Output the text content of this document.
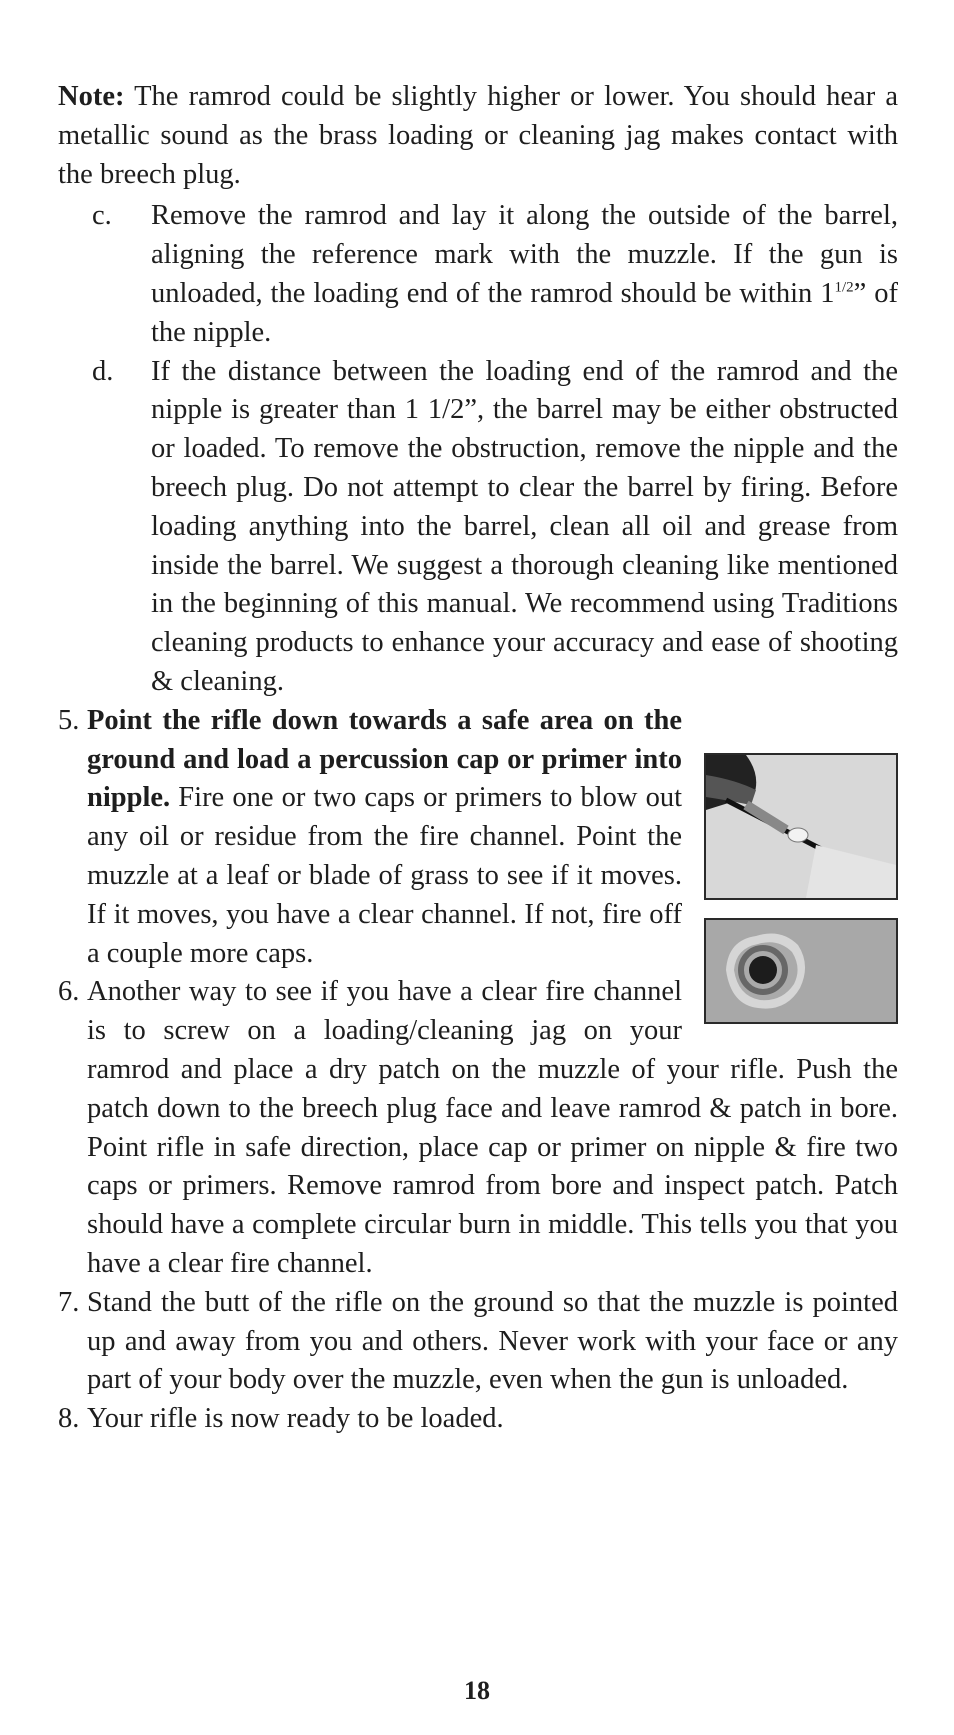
Note: The ramrod could be slightly higher or lower. You should hear a metallic sound as the brass loading or cleaning jag makes contact with the breech plug.

c. Remove the ramrod and lay it along the outside of the barrel, aligning the reference mark with the muzzle. If the gun is unloaded, the loading end of the ramrod should be within $1^{1/2}$” of the nipple.
d. If the distance between the loading end of the ramrod and the nipple is greater than 1 1/2”, the barrel may be either obstructed or loaded. To remove the obstruction, remove the nipple and the breech plug. Do not attempt to clear the barrel by firing. Before loading anything into the barrel, clean all oil and grease from inside the barrel. We suggest a thorough cleaning like mentioned in the beginning of this manual. We recommend using Traditions cleaning products to enhance your accuracy and ease of shooting & cleaning.
5. Point the rifle down towards a safe area on the ground and load a percussion cap or primer into nipple. Fire one or two caps or primers to blow out any oil or residue from the fire channel. Point the muzzle at a leaf or blade of grass to see if it moves. If it moves, you have a clear channel. If not, fire off a couple more caps.
6. Another way to see if you have a clear fire channel is to screw on a loading/cleaning jag on your ramrod and place a dry patch on the muzzle of your rifle. Push the patch down to the breech plug face and leave ramrod & patch in bore. Point rifle in safe direction, place cap or primer on nipple & fire two caps or primers. Remove ramrod from bore and inspect patch. Patch should have a complete circular burn in middle. This tells you that you have a clear fire channel.
7. Stand the butt of the rifle on the ground so that the muzzle is pointed up and away from you and others. Never work with your face or any part of your body over the muzzle, even when the gun is unloaded.
8. Your rifle is now ready to be loaded.
18
